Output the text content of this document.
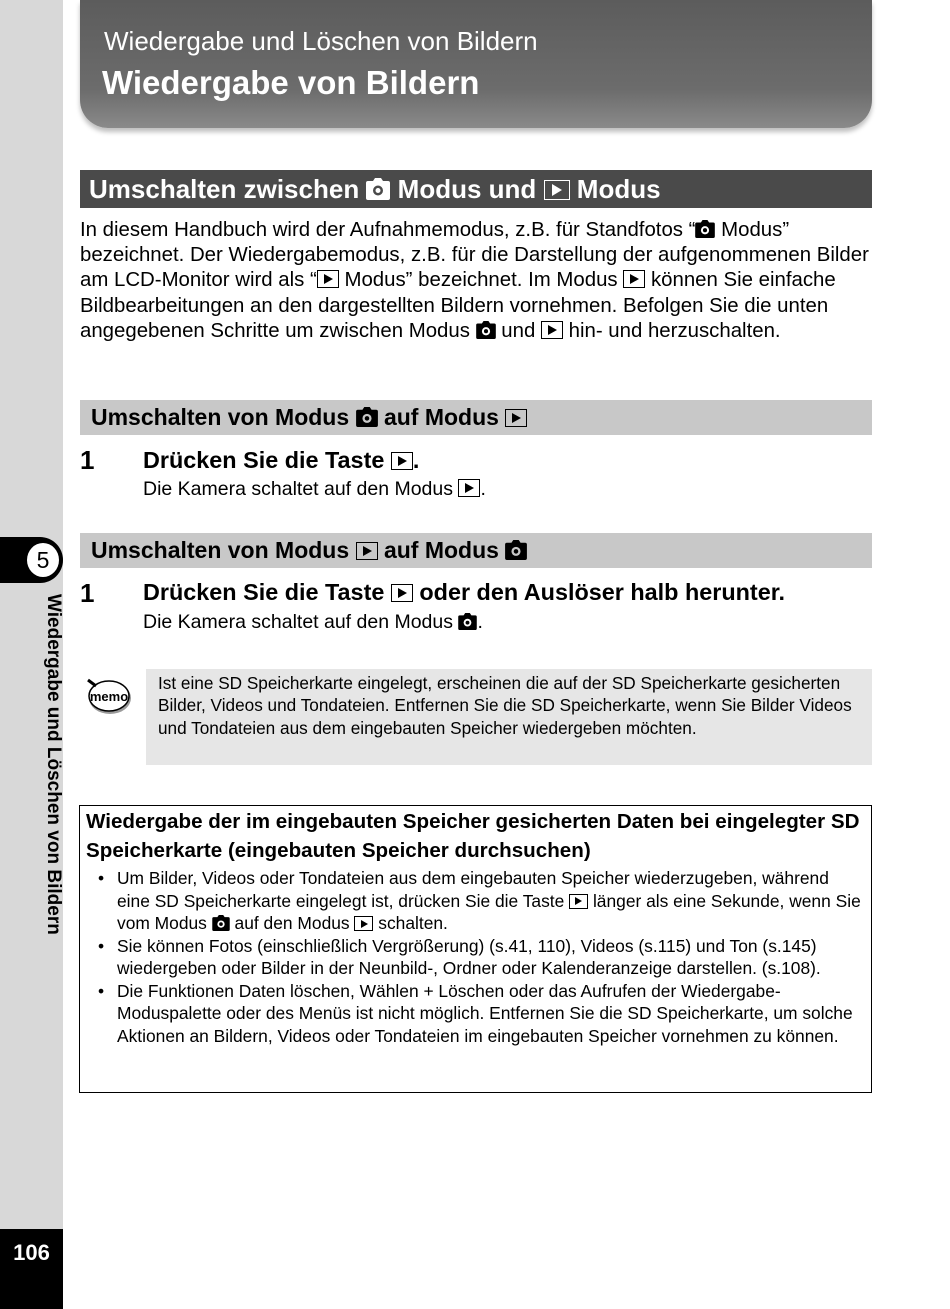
5
Wiedergabe und Löschen von Bildern
106
Wiedergabe und Löschen von Bildern
Wiedergabe von Bildern
Umschalten zwischen Modus und Modus
In diesem Handbuch wird der Aufnahmemodus, z.B. für Standfotos “
Modus” bezeichnet. Der Wiedergabemodus, z.B. für die Darstellung der aufgenommenen Bilder am LCD-Monitor wird als “ Modus” bezeichnet. Im Modus  können Sie einfache Bildbearbeitungen an den dargestellten Bildern vornehmen. Befolgen Sie die unten angegebenen Schritte um zwischen Modus
und  hin- und herzuschalten.
Umschalten von Modus auf Modus
1 Drücken Sie die Taste .
Die Kamera schaltet auf den Modus .
Umschalten von Modus auf Modus
1 Drücken Sie die Taste oder den Auslöser halb herunter.
Die Kamera schaltet auf den Modus .
memo
Ist eine SD Speicherkarte eingelegt, erscheinen die auf der SD Speicherkarte gesicherten Bilder, Videos und Tondateien. Entfernen Sie die SD Speicherkarte, wenn Sie Bilder Videos und Tondateien aus dem eingebauten Speicher wiedergeben möchten.
Wiedergabe der im eingebauten Speicher gesicherten Daten bei eingelegter SD Speicherkarte (eingebauten Speicher durchsuchen)
• Um Bilder, Videos oder Tondateien aus dem eingebauten Speicher wiederzugeben, während eine SD Speicherkarte eingelegt ist, drücken Sie die Taste  länger als eine Sekunde, wenn Sie vom Modus
auf den Modus  schalten.
• Sie können Fotos (einschließlich Vergrößerung) (s.41, 110), Videos (s.115) und Ton (s.145) wiedergeben oder Bilder in der Neunbild-, Ordner oder Kalenderanzeige darstellen. (s.108).
• Die Funktionen Daten löschen, Wählen + Löschen oder das Aufrufen der Wiedergabe-Moduspalette oder des Menüs ist nicht möglich. Entfernen Sie die SD Speicherkarte, um solche Aktionen an Bildern, Videos oder Tondateien im eingebauten Speicher vornehmen zu können.
